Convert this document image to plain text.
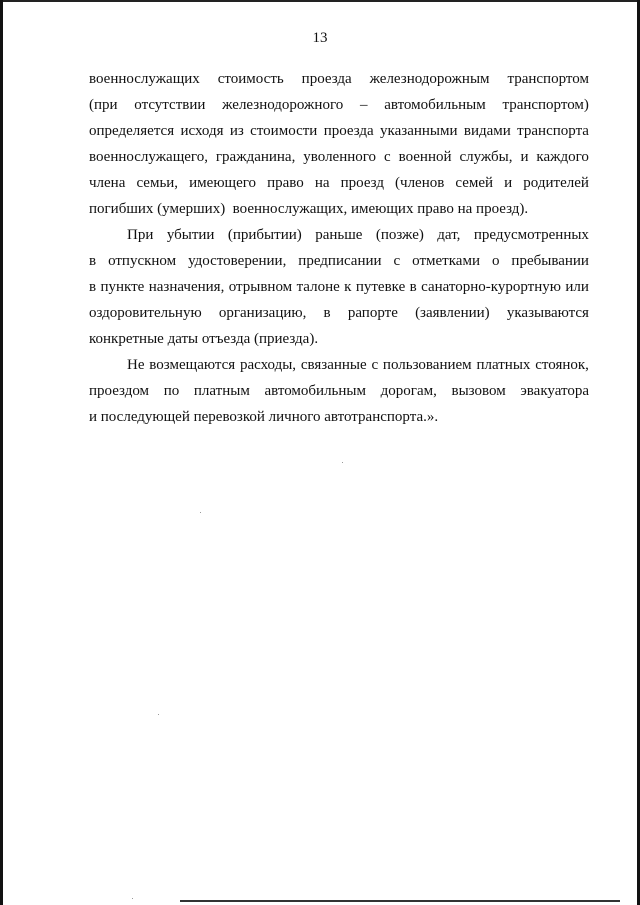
13
военнослужащих стоимость проезда железнодорожным транспортом
(при отсутствии железнодорожного – автомобильным транспортом)
определяется исходя из стоимости проезда указанными видами транспорта
военнослужащего, гражданина, уволенного с военной службы, и каждого
члена семьи, имеющего право на проезд (членов семей и родителей
погибших (умерших)  военнослужащих, имеющих право на проезд).
При убытии (прибытии) раньше (позже) дат, предусмотренных
в отпускном удостоверении, предписании с отметками о пребывании
в пункте назначения, отрывном талоне к путевке в санаторно-курортную или
оздоровительную организацию, в рапорте (заявлении) указываются
конкретные даты отъезда (приезда).
Не возмещаются расходы, связанные с пользованием платных стоянок,
проездом по платным автомобильным дорогам, вызовом эвакуатора
и последующей перевозкой личного автотранспорта.».
